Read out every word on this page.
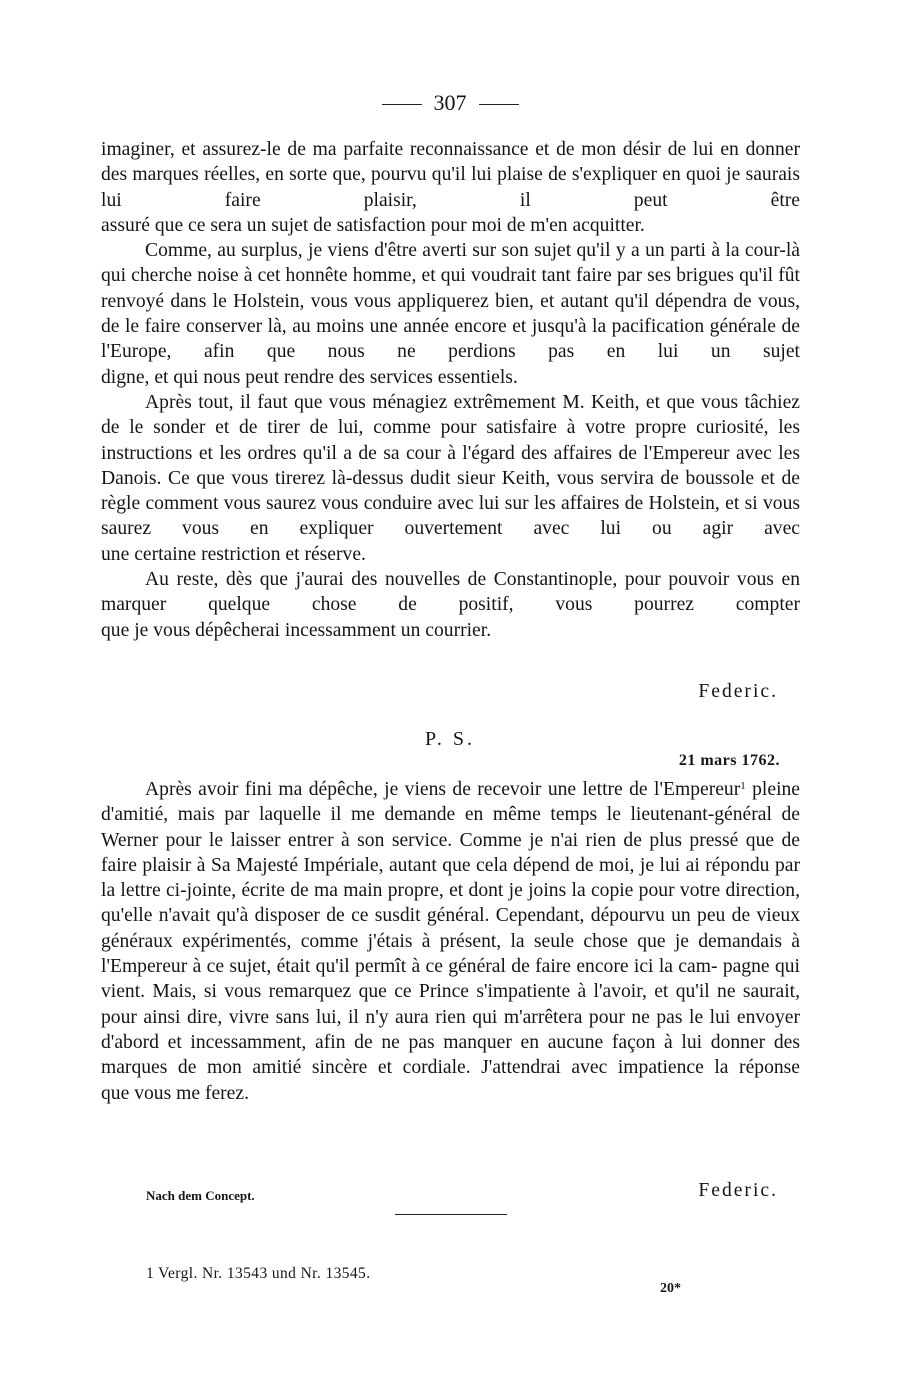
307

imaginer, et assurez-le de ma parfaite reconnaissance et de mon désir de lui en donner des marques réelles, en sorte que, pourvu qu'il lui plaise de s'expliquer en quoi je saurais lui faire plaisir, il peut être

assuré que ce sera un sujet de satisfaction pour moi de m'en acquitter.

Comme, au surplus, je viens d'être averti sur son sujet qu'il y a un parti à la cour-là qui cherche noise à cet honnête homme, et qui voudrait tant faire par ses brigues qu'il fût renvoyé dans le Holstein, vous vous appliquerez bien, et autant qu'il dépendra de vous, de le faire conserver là, au moins une année encore et jusqu'à la pacification générale de l'Europe, afin que nous ne perdions pas en lui un sujet

digne, et qui nous peut rendre des services essentiels.

Après tout, il faut que vous ménagiez extrêmement M. Keith, et que vous tâchiez de le sonder et de tirer de lui, comme pour satisfaire à votre propre curiosité, les instructions et les ordres qu'il a de sa cour à l'égard des affaires de l'Empereur avec les Danois. Ce que vous tirerez là-dessus dudit sieur Keith, vous servira de boussole et de règle comment vous saurez vous conduire avec lui sur les affaires de Holstein, et si vous saurez vous en expliquer ouvertement avec lui ou agir avec

une certaine restriction et réserve.

Au reste, dès que j'aurai des nouvelles de Constantinople, pour pouvoir vous en marquer quelque chose de positif, vous pourrez compter

que je vous dépêcherai incessamment un courrier.
Federic.
P. S.
21 mars 1762.

Après avoir fini ma dépêche, je viens de recevoir une lettre de l'Empereur$^1$ pleine d'amitié, mais par laquelle il me demande en même temps le lieutenant-général de Werner pour le laisser entrer à son service. Comme je n'ai rien de plus pressé que de faire plaisir à Sa Majesté Impériale, autant que cela dépend de moi, je lui ai répondu par la lettre ci-jointe, écrite de ma main propre, et dont je joins la copie pour votre direction, qu'elle n'avait qu'à disposer de ce susdit général. Cependant, dépourvu un peu de vieux généraux expérimentés, comme j'étais à présent, la seule chose que je demandais à l'Empereur à ce sujet, était qu'il permît à ce général de faire encore ici la cam- pagne qui vient. Mais, si vous remarquez que ce Prince s'impatiente à l'avoir, et qu'il ne saurait, pour ainsi dire, vivre sans lui, il n'y aura rien qui m'arrêtera pour ne pas le lui envoyer d'abord et incessamment, afin de ne pas manquer en aucune façon à lui donner des marques de mon amitié sincère et cordiale. J'attendrai avec impatience la réponse

que vous me ferez.

Nach dem Concept.	Federic.
1 Vergl. Nr. 13543 und Nr. 13545.
20*
